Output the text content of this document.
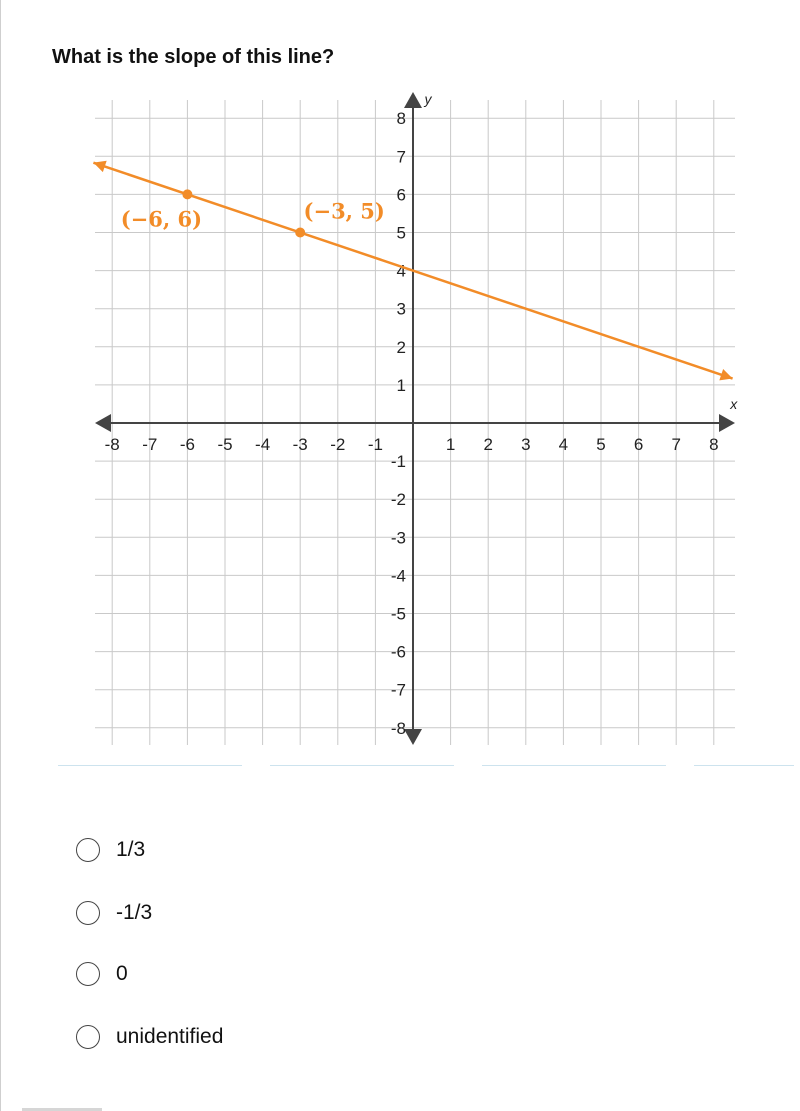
What is the slope of this line?
-8 -7 -6 -5 -4 -3 -2 -1	1 2 3 4 5 6 7 8
8
7
6
5
4
3
2
1
-1
-2
-3
-4
-5
-6
-7
-8
x
y
(−6, 6)	(−3, 5)
1/3
-1/3
0
unidentified
